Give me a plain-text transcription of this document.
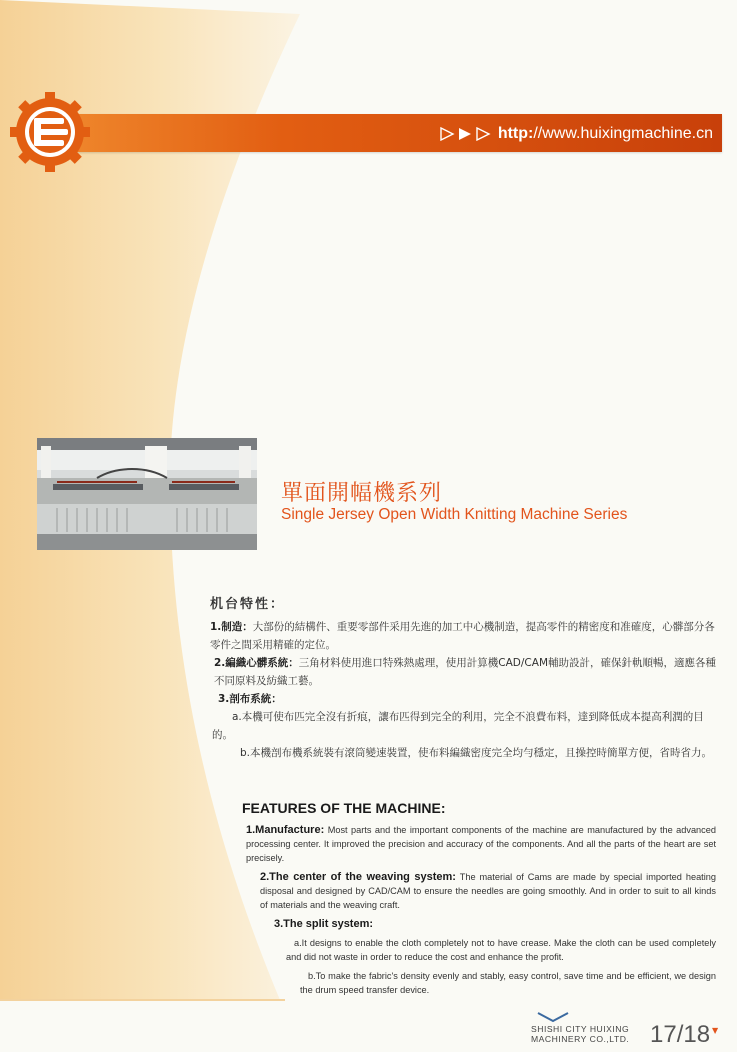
http://www.huixingmachine.cn
單面開幅機系列
Single Jersey Open Width Knitting Machine Series
机台特性：
1.制造：大部份的結構件、重要零部件采用先進的加工中心機制造，提高零件的精密度和准確度，心髒部分各零件之間采用精確的定位。
2.編織心髒系統：三角材料使用進口特殊熱處理，使用計算機CAD/CAM輔助設計，確保針軌順暢，適應各種不同原料及紡織工藝。
3.剖布系統：
a.本機可使布匹完全沒有折痕，讓布匹得到完全的利用，完全不浪費布料，達到降低成本提高利潤的目的。
b.本機剖布機系統裝有滾筒變速裝置，使布料編織密度完全均勻穩定，且操控時簡單方便，省時省力。
FEATURES OF THE MACHINE:
1.Manufacture: Most parts and the important components of the machine are manufactured by the advanced processing center. It improved the precision and accuracy of the components. And all the parts of the heart are set precisely.
2.The center of the weaving system: The material of Cams are made by special imported heating disposal and designed by CAD/CAM to ensure the needles are going smoothly. And in order to suit to all kinds of materials and the weaving craft.
3.The split system:
a.It designs to enable the cloth completely not to have crease. Make the cloth can be used completely and did not waste in order to reduce the cost and enhance the profit.
b.To make the fabric's density evenly and stably, easy control, save time and be efficient, we design the drum speed transfer device.
SHISHI CITY HUIXING
MACHINERY CO.,LTD. 17/18 ▼
